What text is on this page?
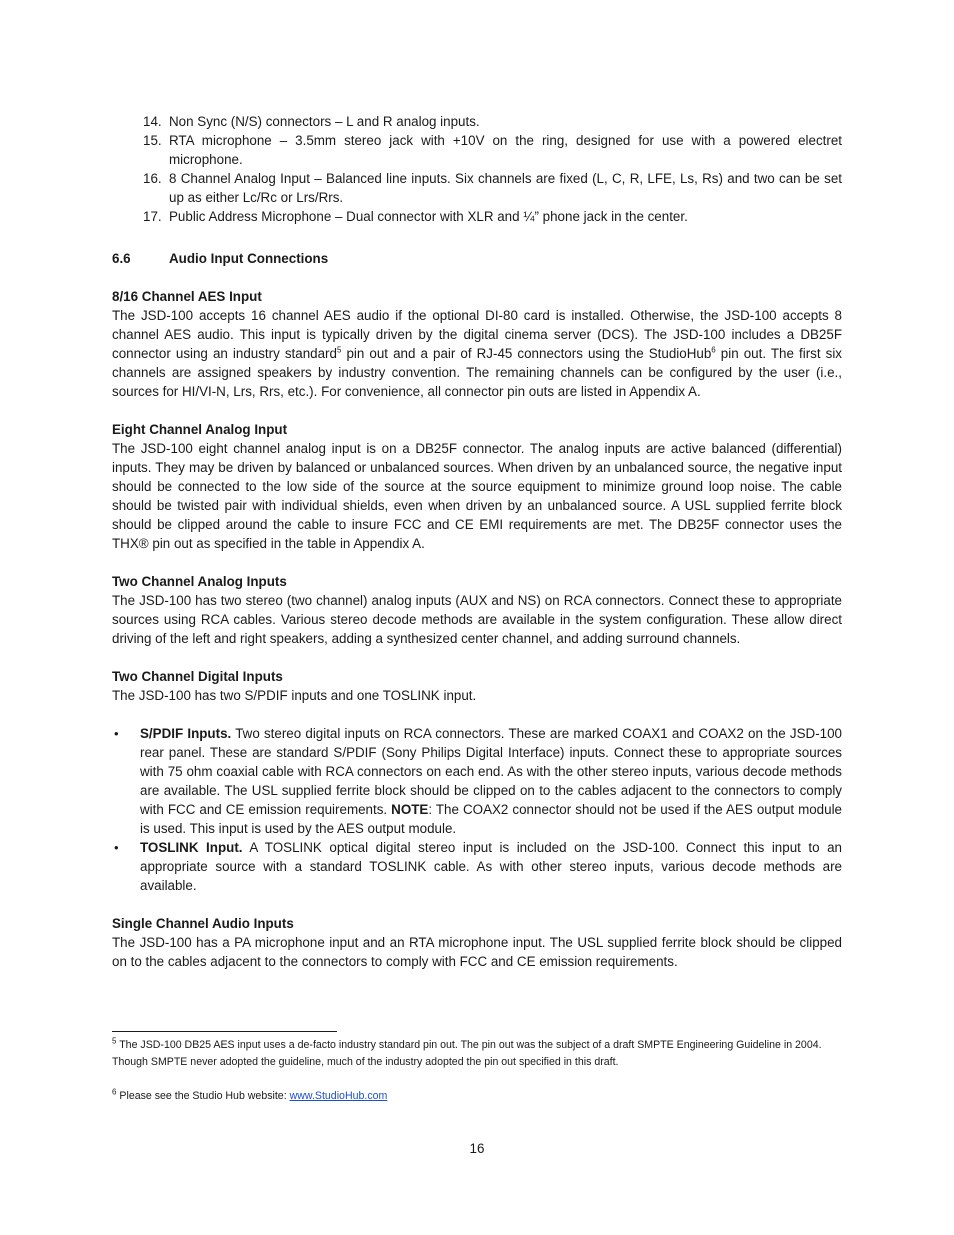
14. Non Sync (N/S) connectors – L and R analog inputs.
15. RTA microphone – 3.5mm stereo jack with +10V on the ring, designed for use with a powered electret microphone.
16. 8 Channel Analog Input – Balanced line inputs. Six channels are fixed (L, C, R, LFE, Ls, Rs) and two can be set up as either Lc/Rc or Lrs/Rrs.
17. Public Address Microphone – Dual connector with XLR and ¼” phone jack in the center.
6.6	Audio Input Connections
8/16 Channel AES Input

The JSD-100 accepts 16 channel AES audio if the optional DI-80 card is installed. Otherwise, the JSD-100 accepts 8 channel AES audio. This input is typically driven by the digital cinema server (DCS). The JSD-100 includes a DB25F connector using an industry standard$^5$ pin out and a pair of RJ-45 connectors using the StudioHub$^6$ pin out. The first six channels are assigned speakers by industry convention. The remaining channels can be configured by the user (i.e., sources for HI/VI-N, Lrs, Rrs, etc.). For convenience, all connector pin outs are listed in Appendix A.

Eight Channel Analog Input

The JSD-100 eight channel analog input is on a DB25F connector. The analog inputs are active balanced (differential) inputs. They may be driven by balanced or unbalanced sources. When driven by an unbalanced source, the negative input should be connected to the low side of the source at the source equipment to minimize ground loop noise. The cable should be twisted pair with individual shields, even when driven by an unbalanced source. A USL supplied ferrite block should be clipped around the cable to insure FCC and CE EMI requirements are met. The DB25F connector uses the THX® pin out as specified in the table in Appendix A.

Two Channel Analog Inputs

The JSD-100 has two stereo (two channel) analog inputs (AUX and NS) on RCA connectors. Connect these to appropriate sources using RCA cables. Various stereo decode methods are available in the system configuration. These allow direct driving of the left and right speakers, adding a synthesized center channel, and adding surround channels.

Two Channel Digital Inputs

The JSD-100 has two S/PDIF inputs and one TOSLINK input.

• S/PDIF Inputs. Two stereo digital inputs on RCA connectors. These are marked COAX1 and COAX2 on the JSD-100 rear panel. These are standard S/PDIF (Sony Philips Digital Interface) inputs. Connect these to appropriate sources with 75 ohm coaxial cable with RCA connectors on each end. As with the other stereo inputs, various decode methods are available. The USL supplied ferrite block should be clipped on to the cables adjacent to the connectors to comply with FCC and CE emission requirements. NOTE: The COAX2 connector should not be used if the AES output module is used. This input is used by the AES output module.
• TOSLINK Input. A TOSLINK optical digital stereo input is included on the JSD-100. Connect this input to an appropriate source with a standard TOSLINK cable. As with other stereo inputs, various decode methods are available.
Single Channel Audio Inputs

The JSD-100 has a PA microphone input and an RTA microphone input. The USL supplied ferrite block should be clipped on to the cables adjacent to the connectors to comply with FCC and CE emission requirements.

$^5$ The JSD-100 DB25 AES input uses a de-facto industry standard pin out. The pin out was the subject of a draft SMPTE Engineering Guideline in 2004. Though SMPTE never adopted the guideline, much of the industry adopted the pin out specified in this draft.

$^6$ Please see the Studio Hub website: www.StudioHub.com

16
